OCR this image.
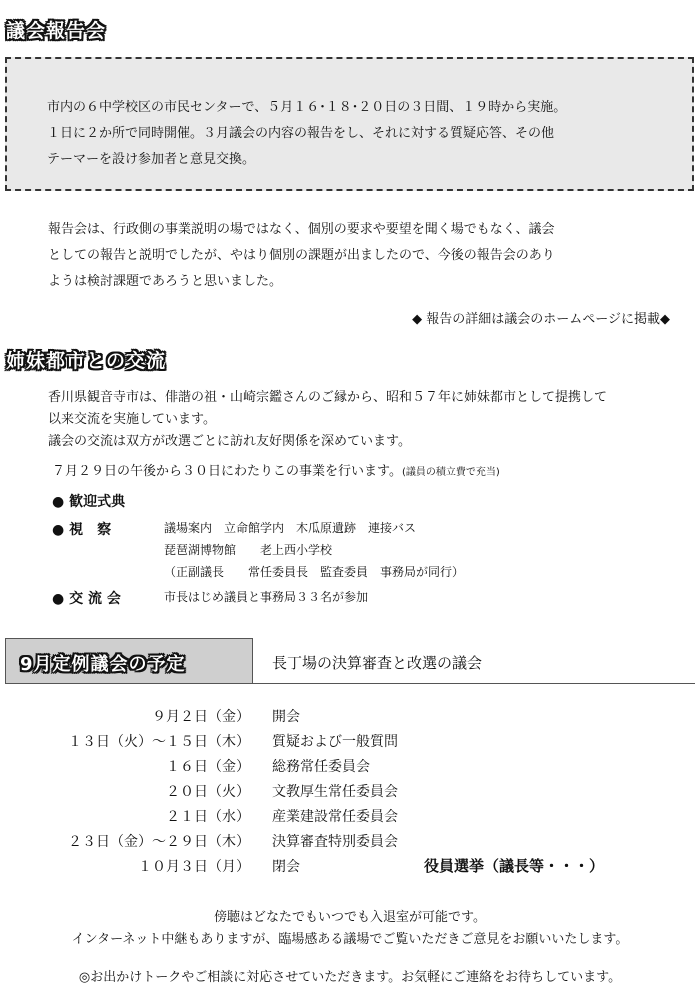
議会報告会

市内の６中学校区の市民センターで、５月１６･１８･２０日の３日間、１９時から実施。

１日に２か所で同時開催。３月議会の内容の報告をし、それに対する質疑応答、その他

テーマーを設け参加者と意見交換。

報告会は、行政側の事業説明の場ではなく、個別の要求や要望を聞く場でもなく、議会
としての報告と説明でしたが、やはり個別の課題が出ましたので、今後の報告会のあり
ようは検討課題であろうと思いました。
◆ 報告の詳細は議会のホームページに掲載◆
姉妹都市との交流
香川県観音寺市は、俳諧の祖・山崎宗鑑さんのご縁から、昭和５７年に姉妹都市として提携して
以来交流を実施しています。
議会の交流は双方が改選ごとに訪れ友好関係を深めています。
７月２９日の午後から３０日にわたりこの事業を行います。(議員の積立費で充当)
● 歓迎式典
● 視　察	議場案内　立命館学内　木瓜原遺跡　連接バス
琵琶湖博物館　　老上西小学校
（正副議長　　常任委員長　監査委員　事務局が同行）
● 交 流 会	市長はじめ議員と事務局３３名が参加
9月定例議会の予定	長丁場の決算審査と改選の議会
９月２日（金） 開会
１３日（火）～１５日（木） 質疑および一般質問
１６日（金） 総務常任委員会
２０日（火） 文教厚生常任委員会
２１日（水） 産業建設常任委員会
２３日（金）～２９日（木） 決算審査特別委員会
１０月３日（月） 閉会	役員選挙（議長等・・・）
傍聴はどなたでもいつでも入退室が可能です。
インターネット中継もありますが、臨場感ある議場でご覧いただきご意見をお願いいたします。
◎お出かけトークやご相談に対応させていただきます。お気軽にご連絡をお待ちしています。
